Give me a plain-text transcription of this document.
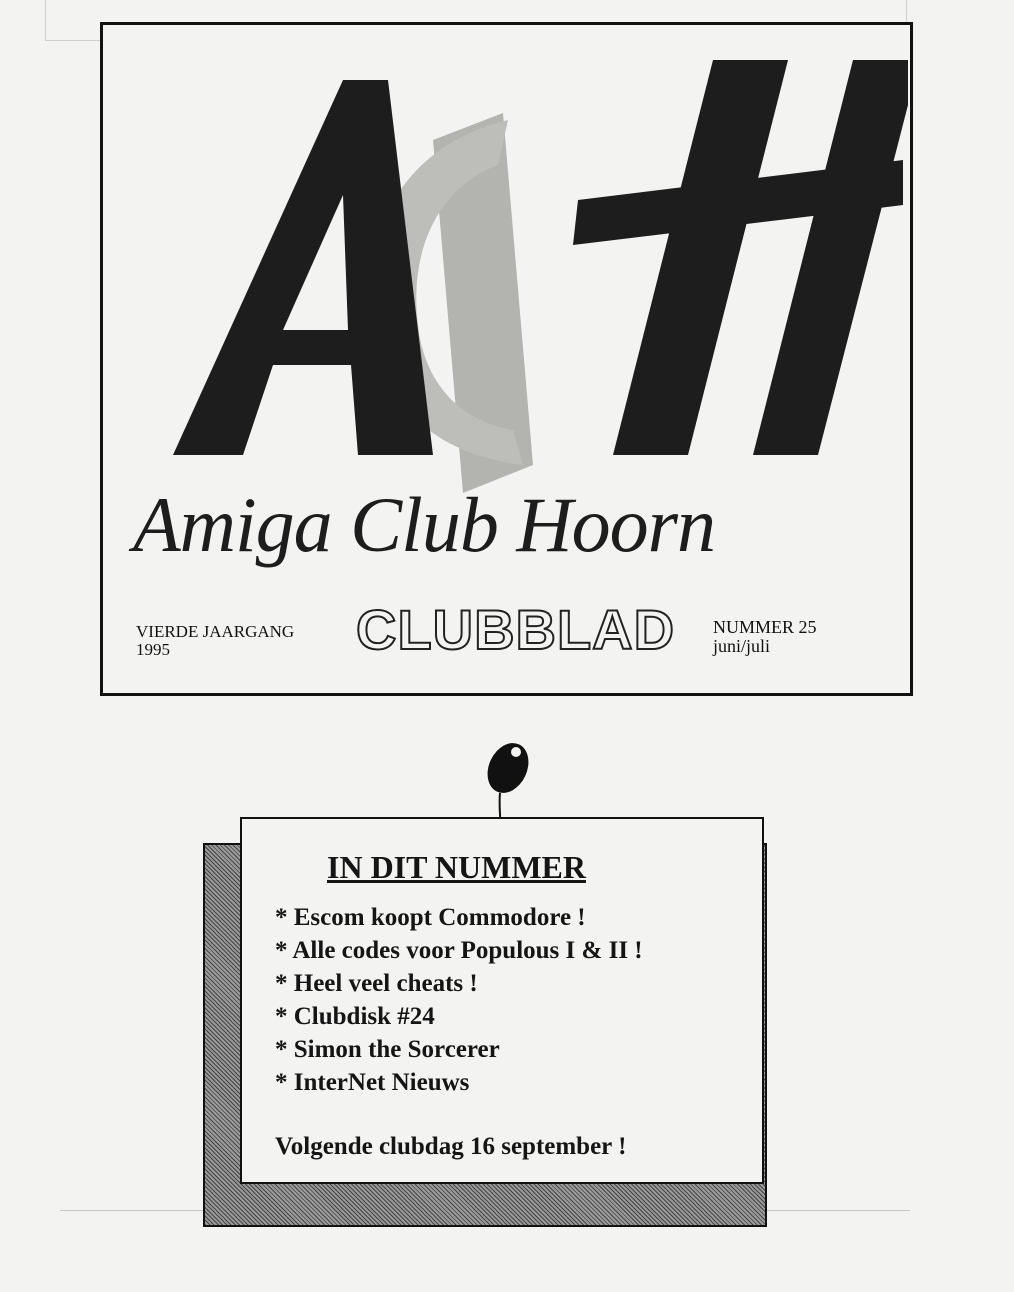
Amiga Club Hoorn
VIERDE JAARGANG
1995	CLUBBLAD NUMMER 25
juni/juli
IN DIT NUMMER
* Escom koopt Commodore !
* Alle codes voor Populous I & II !
* Heel veel cheats !
* Clubdisk #24
* Simon the Sorcerer
* InterNet Nieuws
Volgende clubdag 16 september !
